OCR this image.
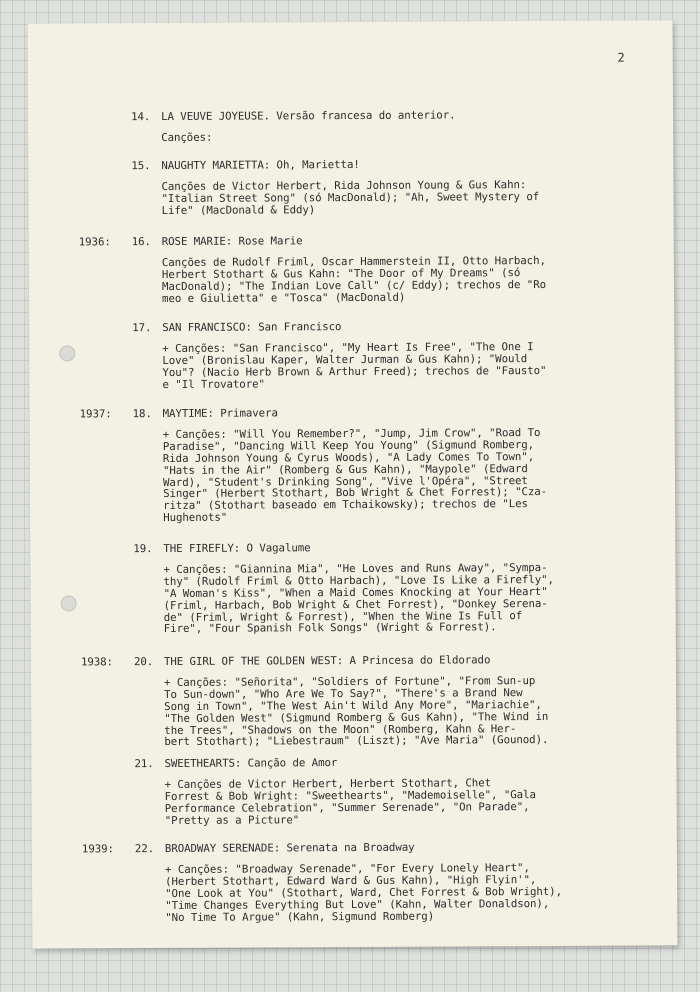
2
14. LA VEUVE JOYEUSE. Versão francesa do anterior.
Canções:
15. NAUGHTY MARIETTA: Oh, Marietta!
Canções de Victor Herbert, Rida Johnson Young & Gus Kahn:
"Italian Street Song" (só MacDonald); "Ah, Sweet Mystery of
Life" (MacDonald & Eddy)
1936:	16. ROSE MARIE: Rose Marie
Canções de Rudolf Friml, Oscar Hammerstein II, Otto Harbach,
Herbert Stothart & Gus Kahn: "The Door of My Dreams" (só
MacDonald); "The Indian Love Call" (c/ Eddy); trechos de "Ro
meo e Giulietta" e "Tosca" (MacDonald)
17. SAN FRANCISCO: San Francisco
+ Canções: "San Francisco", "My Heart Is Free", "The One I
Love" (Bronislau Kaper, Walter Jurman & Gus Kahn); "Would
You"? (Nacio Herb Brown & Arthur Freed); trechos de "Fausto"
e "Il Trovatore"
1937:	18. MAYTIME: Primavera
+ Canções: "Will You Remember?", "Jump, Jim Crow", "Road To
Paradise", "Dancing Will Keep You Young" (Sigmund Romberg,
Rida Johnson Young & Cyrus Woods), "A Lady Comes To Town",
"Hats in the Air" (Romberg & Gus Kahn), "Maypole" (Edward
Ward), "Student's Drinking Song", "Vive l'Opéra", "Street
Singer" (Herbert Stothart, Bob Wright & Chet Forrest); "Cza-
ritza" (Stothart baseado em Tchaikowsky); trechos de "Les
Hughenots"
19. THE FIREFLY: O Vagalume
+ Canções: "Giannina Mia", "He Loves and Runs Away", "Sympa-
thy" (Rudolf Friml & Otto Harbach), "Love Is Like a Firefly",
"A Woman's Kiss", "When a Maid Comes Knocking at Your Heart"
(Friml, Harbach, Bob Wright & Chet Forrest), "Donkey Serena-
de" (Friml, Wright & Forrest), "When the Wine Is Full of
Fire", "Four Spanish Folk Songs" (Wright & Forrest).
1938:	20. THE GIRL OF THE GOLDEN WEST: A Princesa do Eldorado
+ Canções: "Señorita", "Soldiers of Fortune", "From Sun-up
To Sun-down", "Who Are We To Say?", "There's a Brand New
Song in Town", "The West Ain't Wild Any More", "Mariachie",
"The Golden West" (Sigmund Romberg & Gus Kahn), "The Wind in
the Trees", "Shadows on the Moon" (Romberg, Kahn & Her-
bert Stothart); "Liebestraum" (Liszt); "Ave Maria" (Gounod).
21. SWEETHEARTS: Canção de Amor
+ Canções de Victor Herbert, Herbert Stothart, Chet
Forrest & Bob Wright: "Sweethearts", "Mademoiselle", "Gala
Performance Celebration", "Summer Serenade", "On Parade",
"Pretty as a Picture"
1939:	22. BROADWAY SERENADE: Serenata na Broadway
+ Canções: "Broadway Serenade", "For Every Lonely Heart",
(Herbert Stothart, Edward Ward & Gus Kahn), "High Flyin'",
"One Look at You" (Stothart, Ward, Chet Forrest & Bob Wright),
"Time Changes Everything But Love" (Kahn, Walter Donaldson),
"No Time To Argue" (Kahn, Sigmund Romberg)
